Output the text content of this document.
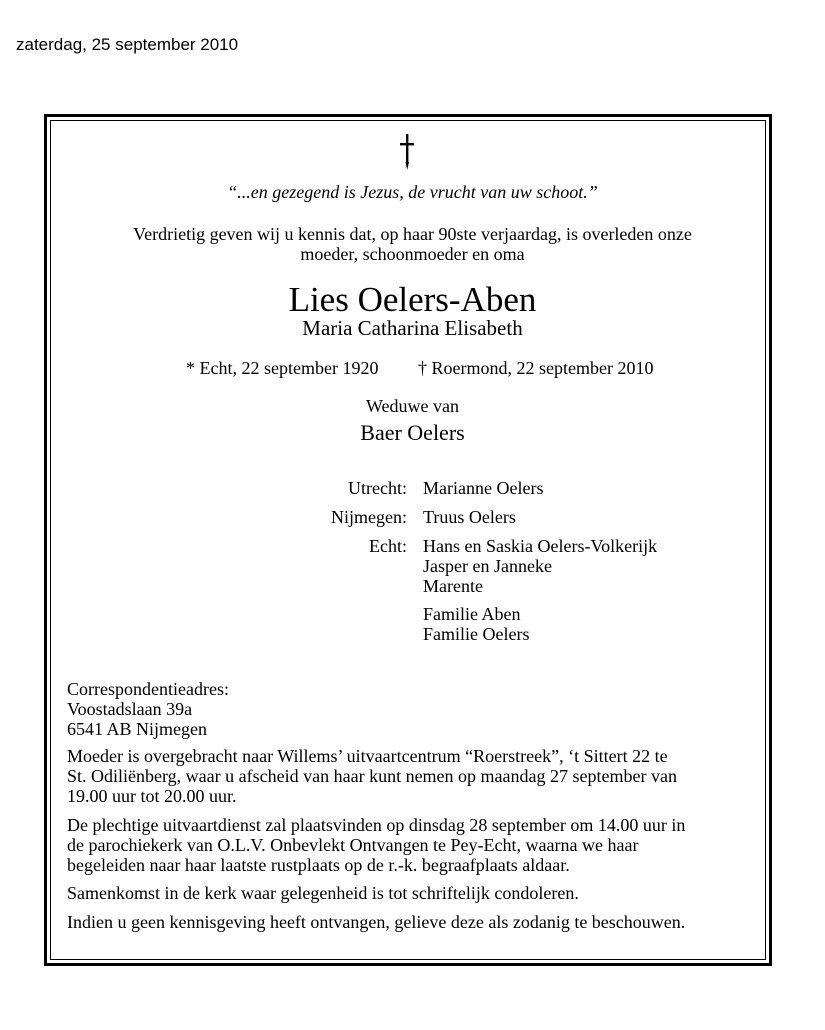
zaterdag, 25 september 2010
“...en gezegend is Jezus, de vrucht van uw schoot.”
Verdrietig geven wij u kennis dat, op haar 90ste verjaardag, is overleden onze
moeder, schoonmoeder en oma
Lies Oelers-Aben
Maria Catharina Elisabeth
* Echt, 22 september 1920 † Roermond, 22 september 2010
Weduwe van
Baer Oelers
Utrecht: Marianne Oelers
Nijmegen: Truus Oelers
Echt: Hans en Saskia Oelers-Volkerijk
Jasper en Janneke
Marente
Familie Aben
Familie Oelers
Correspondentieadres:
Voostadslaan 39a
6541 AB Nijmegen
Moeder is overgebracht naar Willems’ uitvaartcentrum “Roerstreek”, ‘t Sittert 22 te
St. Odiliënberg, waar u afscheid van haar kunt nemen op maandag 27 september van
19.00 uur tot 20.00 uur.
De plechtige uitvaartdienst zal plaatsvinden op dinsdag 28 september om 14.00 uur in
de parochiekerk van O.L.V. Onbevlekt Ontvangen te Pey-Echt, waarna we haar
begeleiden naar haar laatste rustplaats op de r.-k. begraafplaats aldaar.
Samenkomst in de kerk waar gelegenheid is tot schriftelijk condoleren.
Indien u geen kennisgeving heeft ontvangen, gelieve deze als zodanig te beschouwen.
